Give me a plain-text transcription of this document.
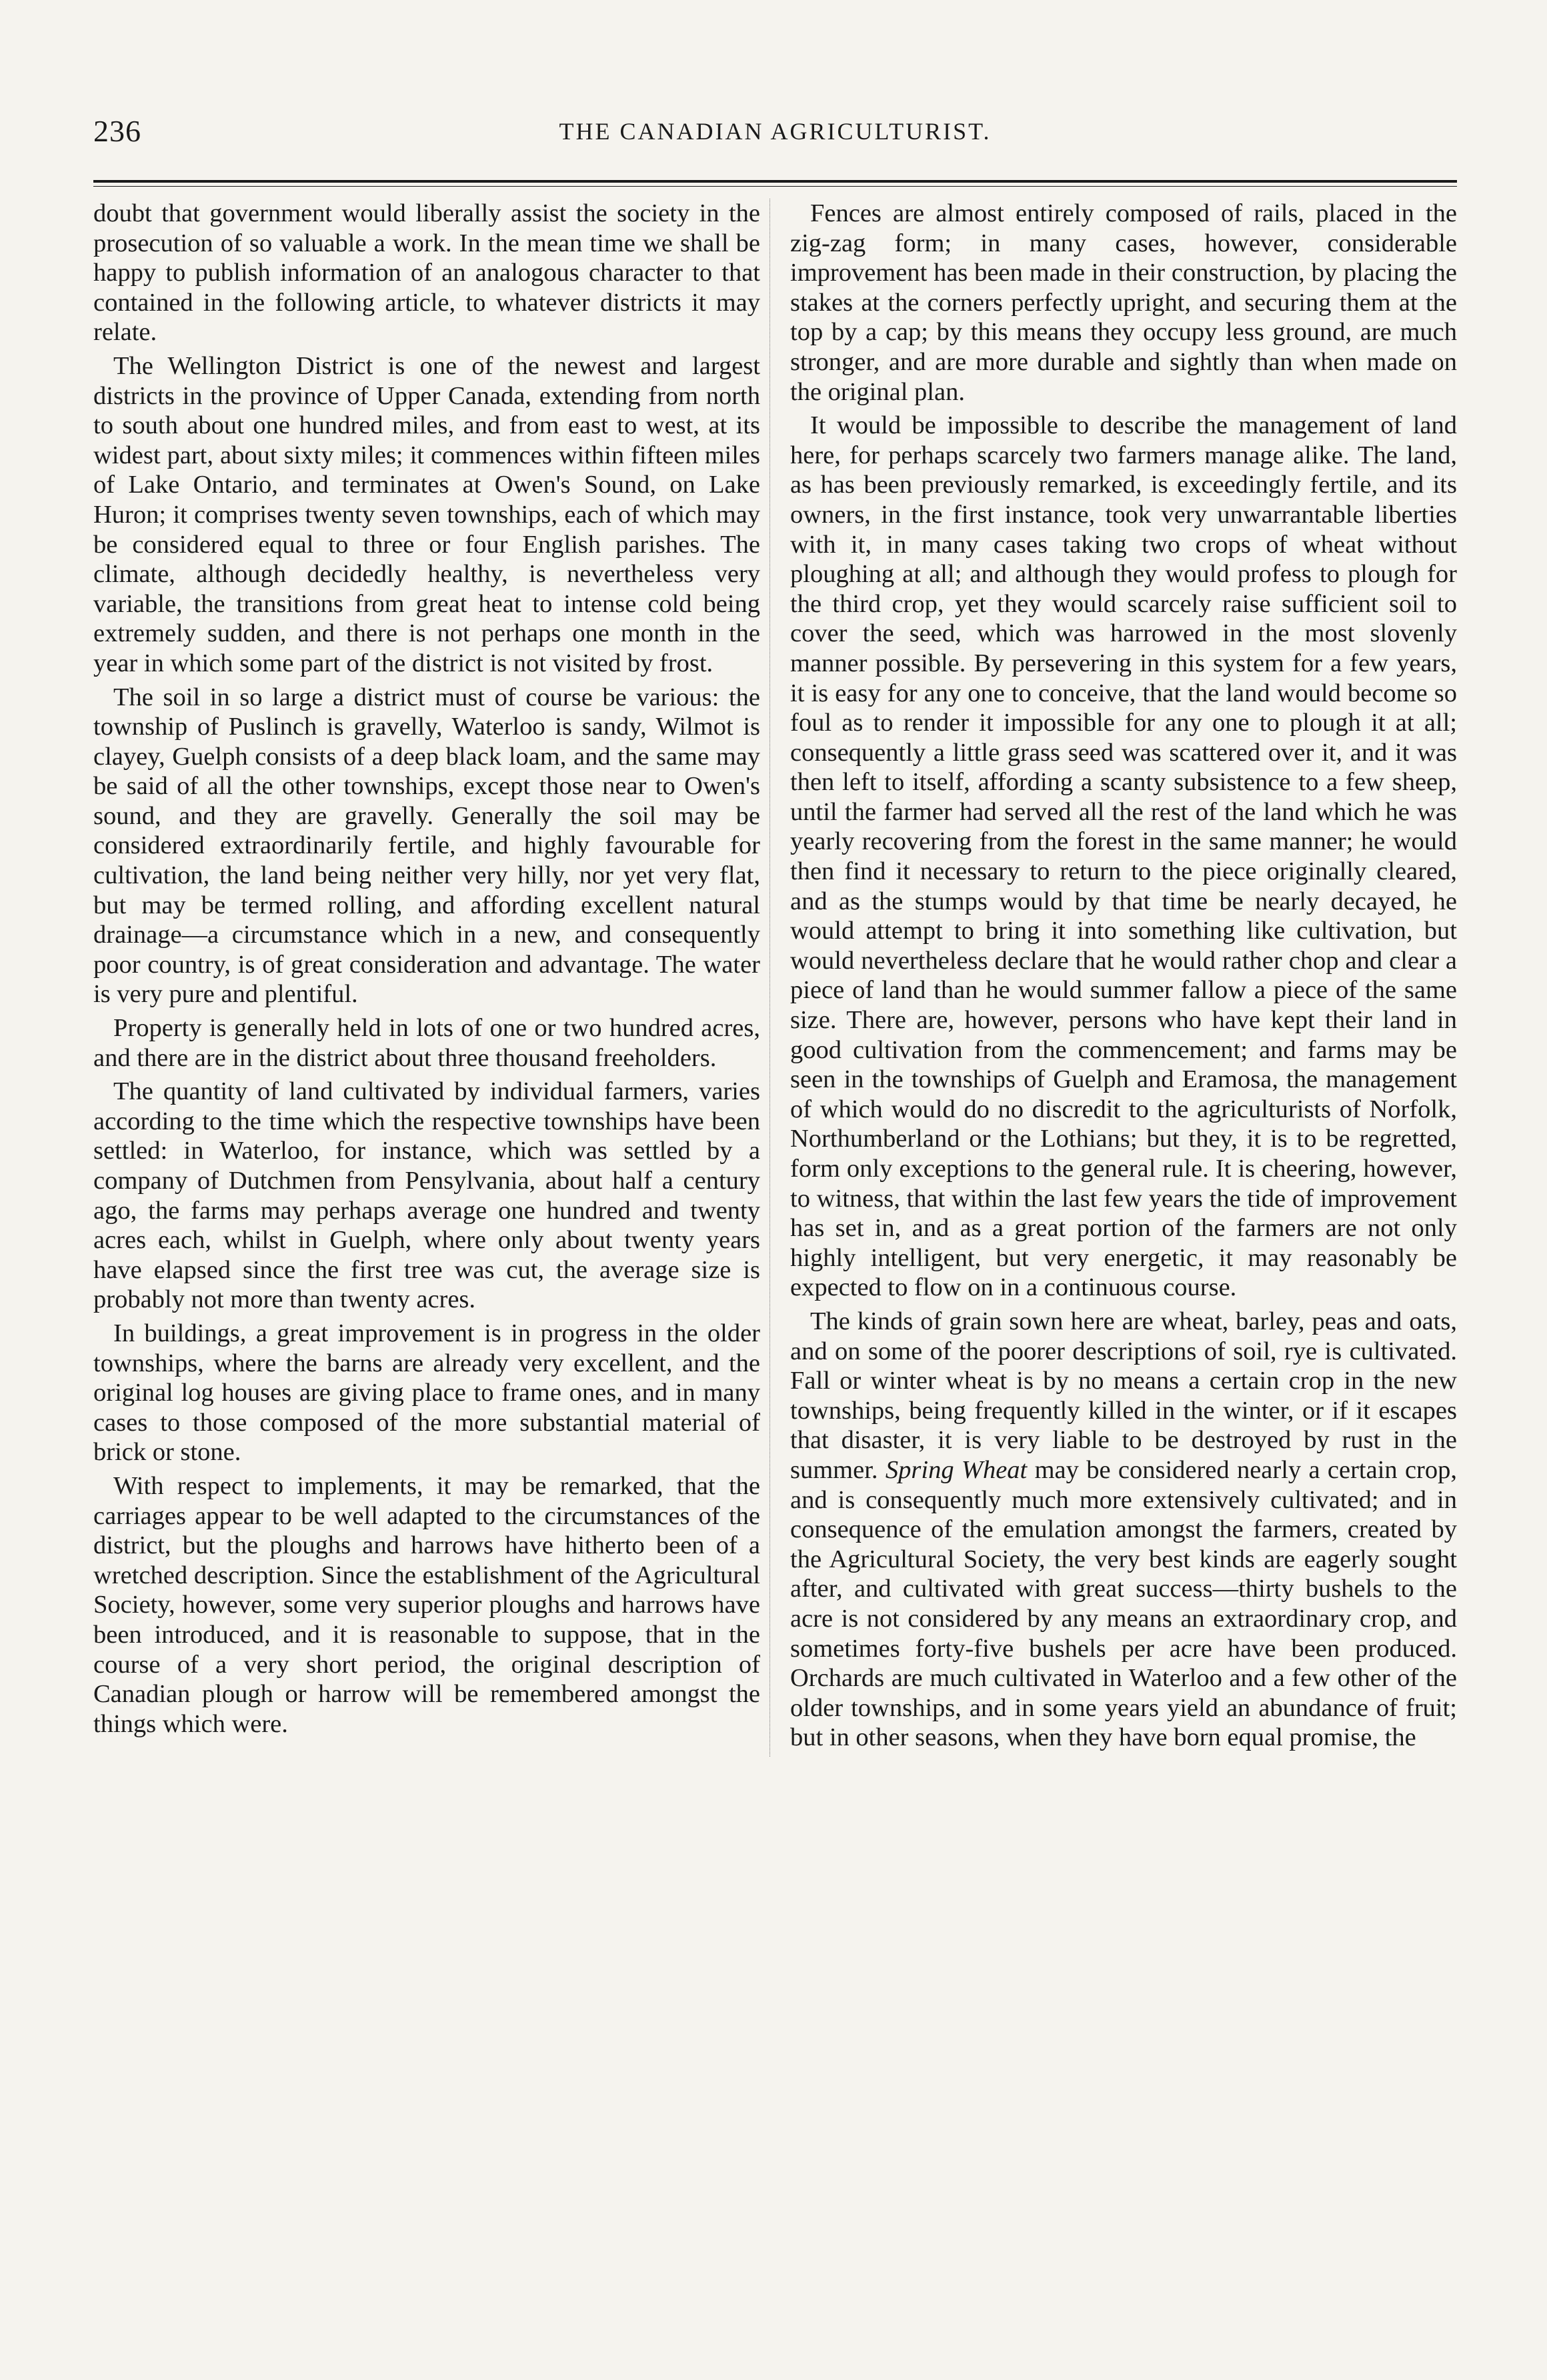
236	THE CANADIAN AGRICULTURIST.

doubt that government would liberally assist the society in the prosecution of so valuable a work. In the mean time we shall be happy to publish information of an analogous character to that contained in the following article, to whatever districts it may relate.

The Wellington District is one of the newest and largest districts in the province of Upper Canada, extending from north to south about one hundred miles, and from east to west, at its widest part, about sixty miles; it commences within fifteen miles of Lake Ontario, and terminates at Owen's Sound, on Lake Huron; it comprises twenty seven townships, each of which may be considered equal to three or four English parishes. The climate, although decidedly healthy, is nevertheless very variable, the transitions from great heat to intense cold being extremely sudden, and there is not perhaps one month in the year in which some part of the district is not visited by frost.

The soil in so large a district must of course be various: the township of Puslinch is gravelly, Waterloo is sandy, Wilmot is clayey, Guelph consists of a deep black loam, and the same may be said of all the other townships, except those near to Owen's sound, and they are gravelly. Generally the soil may be considered extraordinarily fertile, and highly favourable for cultivation, the land being neither very hilly, nor yet very flat, but may be termed rolling, and affording excellent natural drainage—a circumstance which in a new, and consequently poor country, is of great consideration and advantage. The water is very pure and plentiful.

Property is generally held in lots of one or two hundred acres, and there are in the district about three thousand freeholders.

The quantity of land cultivated by individual farmers, varies according to the time which the respective townships have been settled: in Waterloo, for instance, which was settled by a company of Dutchmen from Pensylvania, about half a century ago, the farms may perhaps average one hundred and twenty acres each, whilst in Guelph, where only about twenty years have elapsed since the first tree was cut, the average size is probably not more than twenty acres.

In buildings, a great improvement is in progress in the older townships, where the barns are already very excellent, and the original log houses are giving place to frame ones, and in many cases to those composed of the more substantial material of brick or stone.

With respect to implements, it may be remarked, that the carriages appear to be well adapted to the circumstances of the district, but the ploughs and harrows have hitherto been of a wretched description. Since the establishment of the Agricultural Society, however, some very superior ploughs and harrows have been introduced, and it is reasonable to suppose, that in the course of a very short period, the original description of Canadian plough or harrow will be remembered amongst the things which were.

Fences are almost entirely composed of rails, placed in the zig-zag form; in many cases, however, considerable improvement has been made in their construction, by placing the stakes at the corners perfectly upright, and securing them at the top by a cap; by this means they occupy less ground, are much stronger, and are more durable and sightly than when made on the original plan.

It would be impossible to describe the management of land here, for perhaps scarcely two farmers manage alike. The land, as has been previously remarked, is exceedingly fertile, and its owners, in the first instance, took very unwarrantable liberties with it, in many cases taking two crops of wheat without ploughing at all; and although they would profess to plough for the third crop, yet they would scarcely raise sufficient soil to cover the seed, which was harrowed in the most slovenly manner possible. By persevering in this system for a few years, it is easy for any one to conceive, that the land would become so foul as to render it impossible for any one to plough it at all; consequently a little grass seed was scattered over it, and it was then left to itself, affording a scanty subsistence to a few sheep, until the farmer had served all the rest of the land which he was yearly recovering from the forest in the same manner; he would then find it necessary to return to the piece originally cleared, and as the stumps would by that time be nearly decayed, he would attempt to bring it into something like cultivation, but would nevertheless declare that he would rather chop and clear a piece of land than he would summer fallow a piece of the same size. There are, however, persons who have kept their land in good cultivation from the commencement; and farms may be seen in the townships of Guelph and Eramosa, the management of which would do no discredit to the agriculturists of Norfolk, Northumberland or the Lothians; but they, it is to be regretted, form only exceptions to the general rule. It is cheering, however, to witness, that within the last few years the tide of improvement has set in, and as a great portion of the farmers are not only highly intelligent, but very energetic, it may reasonably be expected to flow on in a continuous course.

The kinds of grain sown here are wheat, barley, peas and oats, and on some of the poorer descriptions of soil, rye is cultivated. Fall or winter wheat is by no means a certain crop in the new townships, being frequently killed in the winter, or if it escapes that disaster, it is very liable to be destroyed by rust in the summer. Spring Wheat may be considered nearly a certain crop, and is consequently much more extensively cultivated; and in consequence of the emulation amongst the farmers, created by the Agricultural Society, the very best kinds are eagerly sought after, and cultivated with great success—thirty bushels to the acre is not considered by any means an extraordinary crop, and sometimes forty-five bushels per acre have been produced. Orchards are much cultivated in Waterloo and a few other of the older townships, and in some years yield an abundance of fruit; but in other seasons, when they have born equal promise, the
